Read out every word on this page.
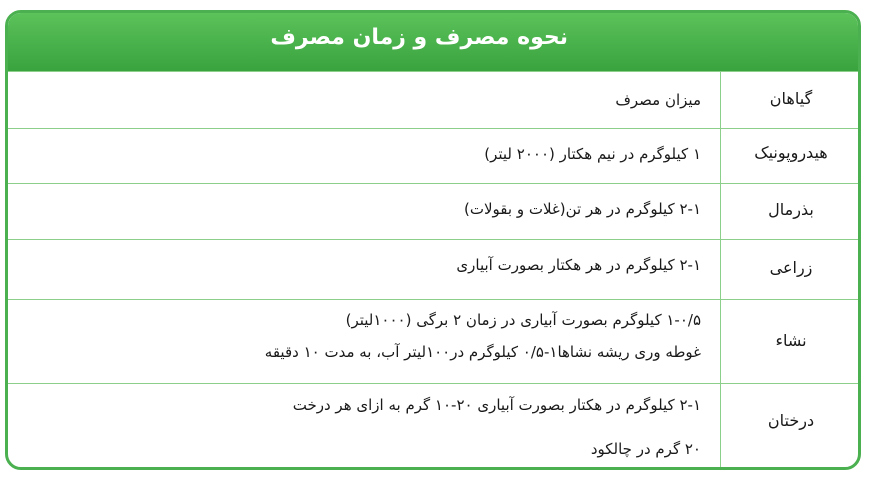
نحوه مصرف و زمان مصرف
گیاهان
میزان مصرف
هیدروپونیک
۱ کیلوگرم در نیم هکتار (۲۰۰۰ لیتر)
بذرمال
۲-۱ کیلوگرم در هر تن(غلات و بقولات)
زراعی
۲-۱ کیلوگرم در هر هکتار بصورت آبیاری
نشاء
۱-۰/۵ کیلوگرم بصورت آبیاری در زمان ۲ برگی (۱۰۰۰لیتر)
غوطه وری ریشه نشاها۱-۰/۵ کیلوگرم در۱۰۰لیتر آب، به مدت ۱۰ دقیقه
درختان
۲-۱ کیلوگرم در هکتار بصورت آبیاری ۲۰-۱۰ گرم به ازای هر درخت
۲۰ گرم در چالکود
